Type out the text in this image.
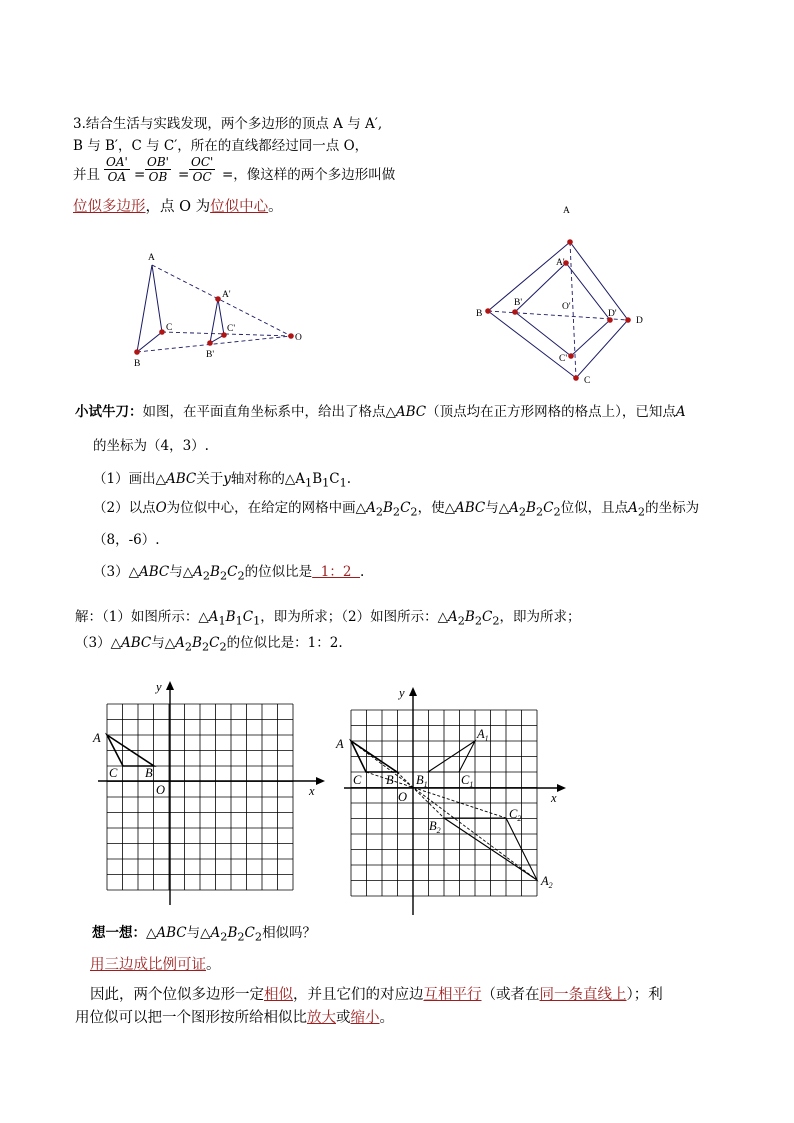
3.结合生活与实践发现，两个多边形的顶点 A 与 A′,
B 与 B′，C 与 C′，所在的直线都经过同一点 O，
并且 $\frac{OA'}{OA} = \frac{OB'}{OB} = \frac{OC'}{OC}$ =，像这样的两个多边形叫做
位似多边形，点 O 为位似中心。
A
B
C
A'
B'
C'
O
A
B
C
D
A'
B'
C'
D'
O'
小试牛刀：如图，在平面直角坐标系中，给出了格点△ABC（顶点均在正方形网格的格点上），已知点A
的坐标为（4，3）.
（1）画出△ABC关于y轴对称的$\triangle A_1B_1C_1$.
（2）以点O为位似中心，在给定的网格中画$\triangle A_2B_2C_2$，使△ABC与$\triangle A_2B_2C_2$位似，且点$A_2$的坐标为
（8，-6）.
（3）△ABC与$\triangle A_2B_2C_2$的位似比是  1：2  .
解：（1）如图所示：$\triangle A_1B_1C_1$，即为所求；（2）如图所示：$\triangle A_2B_2C_2$，即为所求；
（3）△ABC与$\triangle A_2B_2C_2$的位似比是：1：2.
y
x
O
A
B
C
y
x
O
A
B
C
$A_1$
$B_1$	$C_1$
$A_2$
$B_2$
$C_2$
想一想：△ABC与$\triangle A_2B_2C_2$相似吗？
用三边成比例可证。
因此，两个位似多边形一定相似，并且它们的对应边互相平行（或者在同一条直线上）；利
用位似可以把一个图形按所给相似比放大或缩小。
